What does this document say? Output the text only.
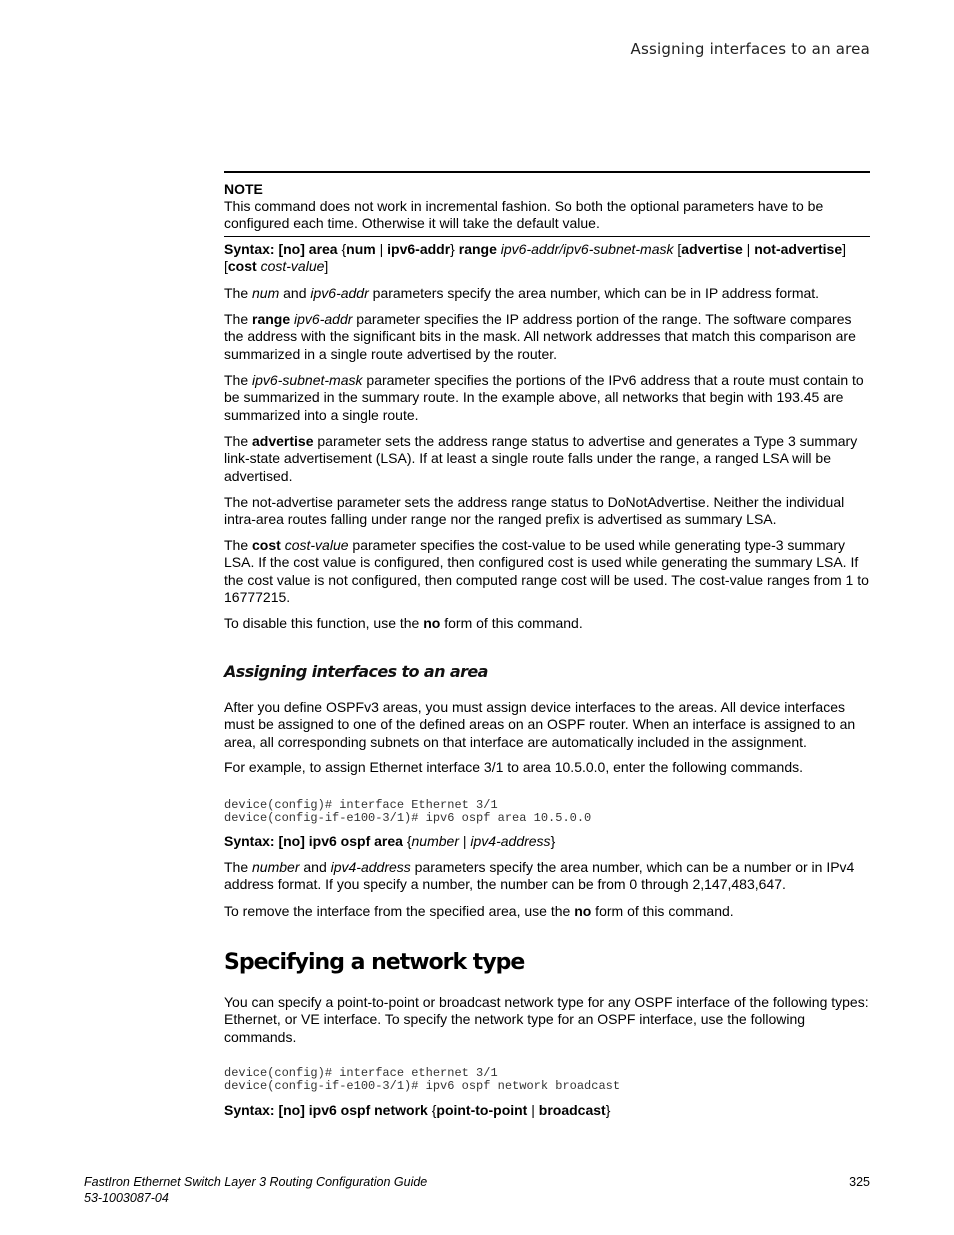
Assigning interfaces to an area
NOTE
This command does not work in incremental fashion. So both the optional parameters have to be configured each time. Otherwise it will take the default value.

Syntax: [no] area {num | ipv6-addr} range ipv6-addr/ipv6-subnet-mask [advertise | not-advertise]
[cost cost-value]

The num and ipv6-addr parameters specify the area number, which can be in IP address format.

The range ipv6-addr parameter specifies the IP address portion of the range. The software compares the address with the significant bits in the mask. All network addresses that match this comparison are summarized in a single route advertised by the router.

The ipv6-subnet-mask parameter specifies the portions of the IPv6 address that a route must contain to be summarized in the summary route. In the example above, all networks that begin with 193.45 are summarized into a single route.

The advertise parameter sets the address range status to advertise and generates a Type 3 summary link-state advertisement (LSA). If at least a single route falls under the range, a ranged LSA will be advertised.

The not-advertise parameter sets the address range status to DoNotAdvertise. Neither the individual intra-area routes falling under range nor the ranged prefix is advertised as summary LSA.

The cost cost-value parameter specifies the cost-value to be used while generating type-3 summary LSA. If the cost value is configured, then configured cost is used while generating the summary LSA. If the cost value is not configured, then computed range cost will be used. The cost-value ranges from 1 to 16777215.

To disable this function, use the no form of this command.

Assigning interfaces to an area

After you define OSPFv3 areas, you must assign device interfaces to the areas. All device interfaces must be assigned to one of the defined areas on an OSPF router. When an interface is assigned to an area, all corresponding subnets on that interface are automatically included in the assignment.

For example, to assign Ethernet interface 3/1 to area 10.5.0.0, enter the following commands.

device(config)# interface Ethernet 3/1
device(config-if-e100-3/1)# ipv6 ospf area 10.5.0.0

Syntax: [no] ipv6 ospf area {number | ipv4-address}

The number and ipv4-address parameters specify the area number, which can be a number or in IPv4 address format. If you specify a number, the number can be from 0 through 2,147,483,647.

To remove the interface from the specified area, use the no form of this command.

Specifying a network type

You can specify a point-to-point or broadcast network type for any OSPF interface of the following types: Ethernet, or VE interface. To specify the network type for an OSPF interface, use the following commands.

device(config)# interface ethernet 3/1
device(config-if-e100-3/1)# ipv6 ospf network broadcast

Syntax: [no] ipv6 ospf network {point-to-point | broadcast}

FastIron Ethernet Switch Layer 3 Routing Configuration Guide
53-1003087-04
325
